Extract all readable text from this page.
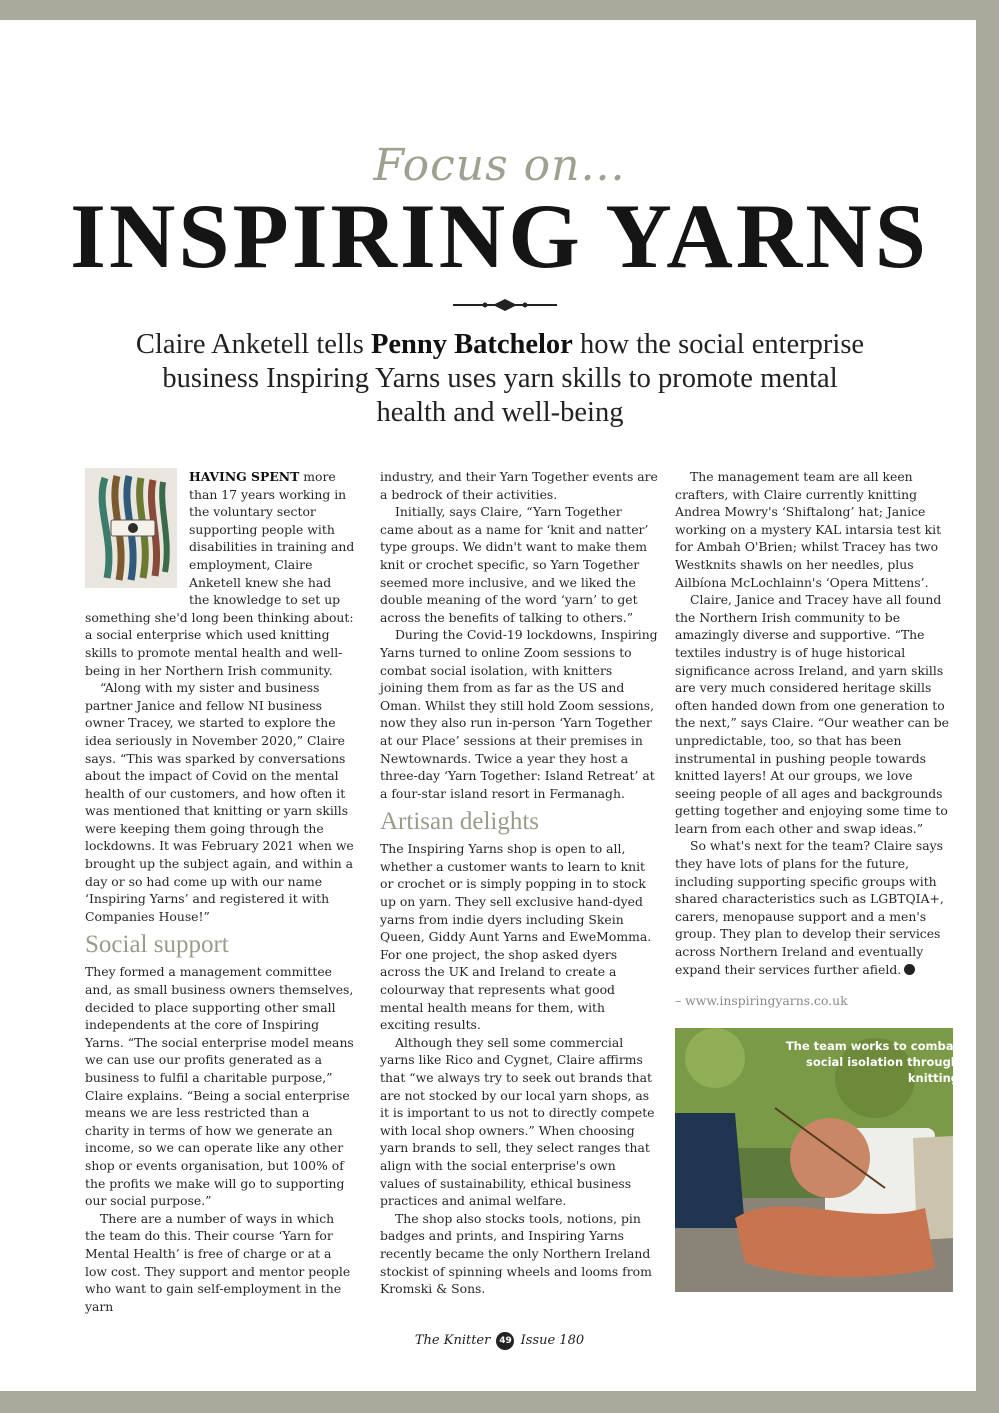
Focus on...
INSPIRING YARNS
Claire Anketell tells Penny Batchelor how the social enterprise business Inspiring Yarns uses yarn skills to promote mental health and well-being

HAVING SPENT more than 17 years working in the voluntary sector supporting people with disabilities in training and employment, Claire Anketell knew she had the knowledge to set up something she'd long been thinking about: a social enterprise which used knitting skills to promote mental health and well-being in her Northern Irish community.

“Along with my sister and business partner Janice and fellow NI business owner Tracey, we started to explore the idea seriously in November 2020,” Claire says. “This was sparked by conversations about the impact of Covid on the mental health of our customers, and how often it was mentioned that knitting or yarn skills were keeping them going through the lockdowns. It was February 2021 when we brought up the subject again, and within a day or so had come up with our name ‘Inspiring Yarns’ and registered it with Companies House!”

Social support

They formed a management committee and, as small business owners themselves, decided to place supporting other small independents at the core of Inspiring Yarns. “The social enterprise model means we can use our profits generated as a business to fulfil a charitable purpose,” Claire explains. “Being a social enterprise means we are less restricted than a charity in terms of how we generate an income, so we can operate like any other shop or events organisation, but 100% of the profits we make will go to supporting our social purpose.”

There are a number of ways in which the team do this. Their course ‘Yarn for Mental Health’ is free of charge or at a low cost. They support and mentor people who want to gain self-employment in the yarn

industry, and their Yarn Together events are a bedrock of their activities.

Initially, says Claire, “Yarn Together came about as a name for ‘knit and natter’ type groups. We didn't want to make them knit or crochet specific, so Yarn Together seemed more inclusive, and we liked the double meaning of the word ‘yarn’ to get across the benefits of talking to others.”

During the Covid-19 lockdowns, Inspiring Yarns turned to online Zoom sessions to combat social isolation, with knitters joining them from as far as the US and Oman. Whilst they still hold Zoom sessions, now they also run in-person ‘Yarn Together at our Place’ sessions at their premises in Newtownards. Twice a year they host a three-day ‘Yarn Together: Island Retreat’ at a four-star island resort in Fermanagh.

Artisan delights

The Inspiring Yarns shop is open to all, whether a customer wants to learn to knit or crochet or is simply popping in to stock up on yarn. They sell exclusive hand-dyed yarns from indie dyers including Skein Queen, Giddy Aunt Yarns and EweMomma. For one project, the shop asked dyers across the UK and Ireland to create a colourway that represents what good mental health means for them, with exciting results.

Although they sell some commercial yarns like Rico and Cygnet, Claire affirms that “we always try to seek out brands that are not stocked by our local yarn shops, as it is important to us not to directly compete with local shop owners.” When choosing yarn brands to sell, they select ranges that align with the social enterprise's own values of sustainability, ethical business practices and animal welfare.

The shop also stocks tools, notions, pin badges and prints, and Inspiring Yarns recently became the only Northern Ireland stockist of spinning wheels and looms from Kromski & Sons.

The management team are all keen crafters, with Claire currently knitting Andrea Mowry's ‘Shiftalong’ hat; Janice working on a mystery KAL intarsia test kit for Ambah O'Brien; whilst Tracey has two Westknits shawls on her needles, plus Ailbíona McLochlainn's ‘Opera Mittens’.

Claire, Janice and Tracey have all found the Northern Irish community to be amazingly diverse and supportive. “The textiles industry is of huge historical significance across Ireland, and yarn skills are very much considered heritage skills often handed down from one generation to the next,” says Claire. “Our weather can be unpredictable, too, so that has been instrumental in pushing people towards knitted layers! At our groups, we love seeing people of all ages and backgrounds getting together and enjoying some time to learn from each other and swap ideas.”

So what's next for the team? Claire says they have lots of plans for the future, including supporting specific groups with shared characteristics such as LGBTQIA+, carers, menopause support and a men's group. They plan to develop their services across Northern Ireland and eventually expand their services further afield.

– www.inspiringyarns.co.uk
The team works to combat social isolation through knitting
The Knitter 49 Issue 180
